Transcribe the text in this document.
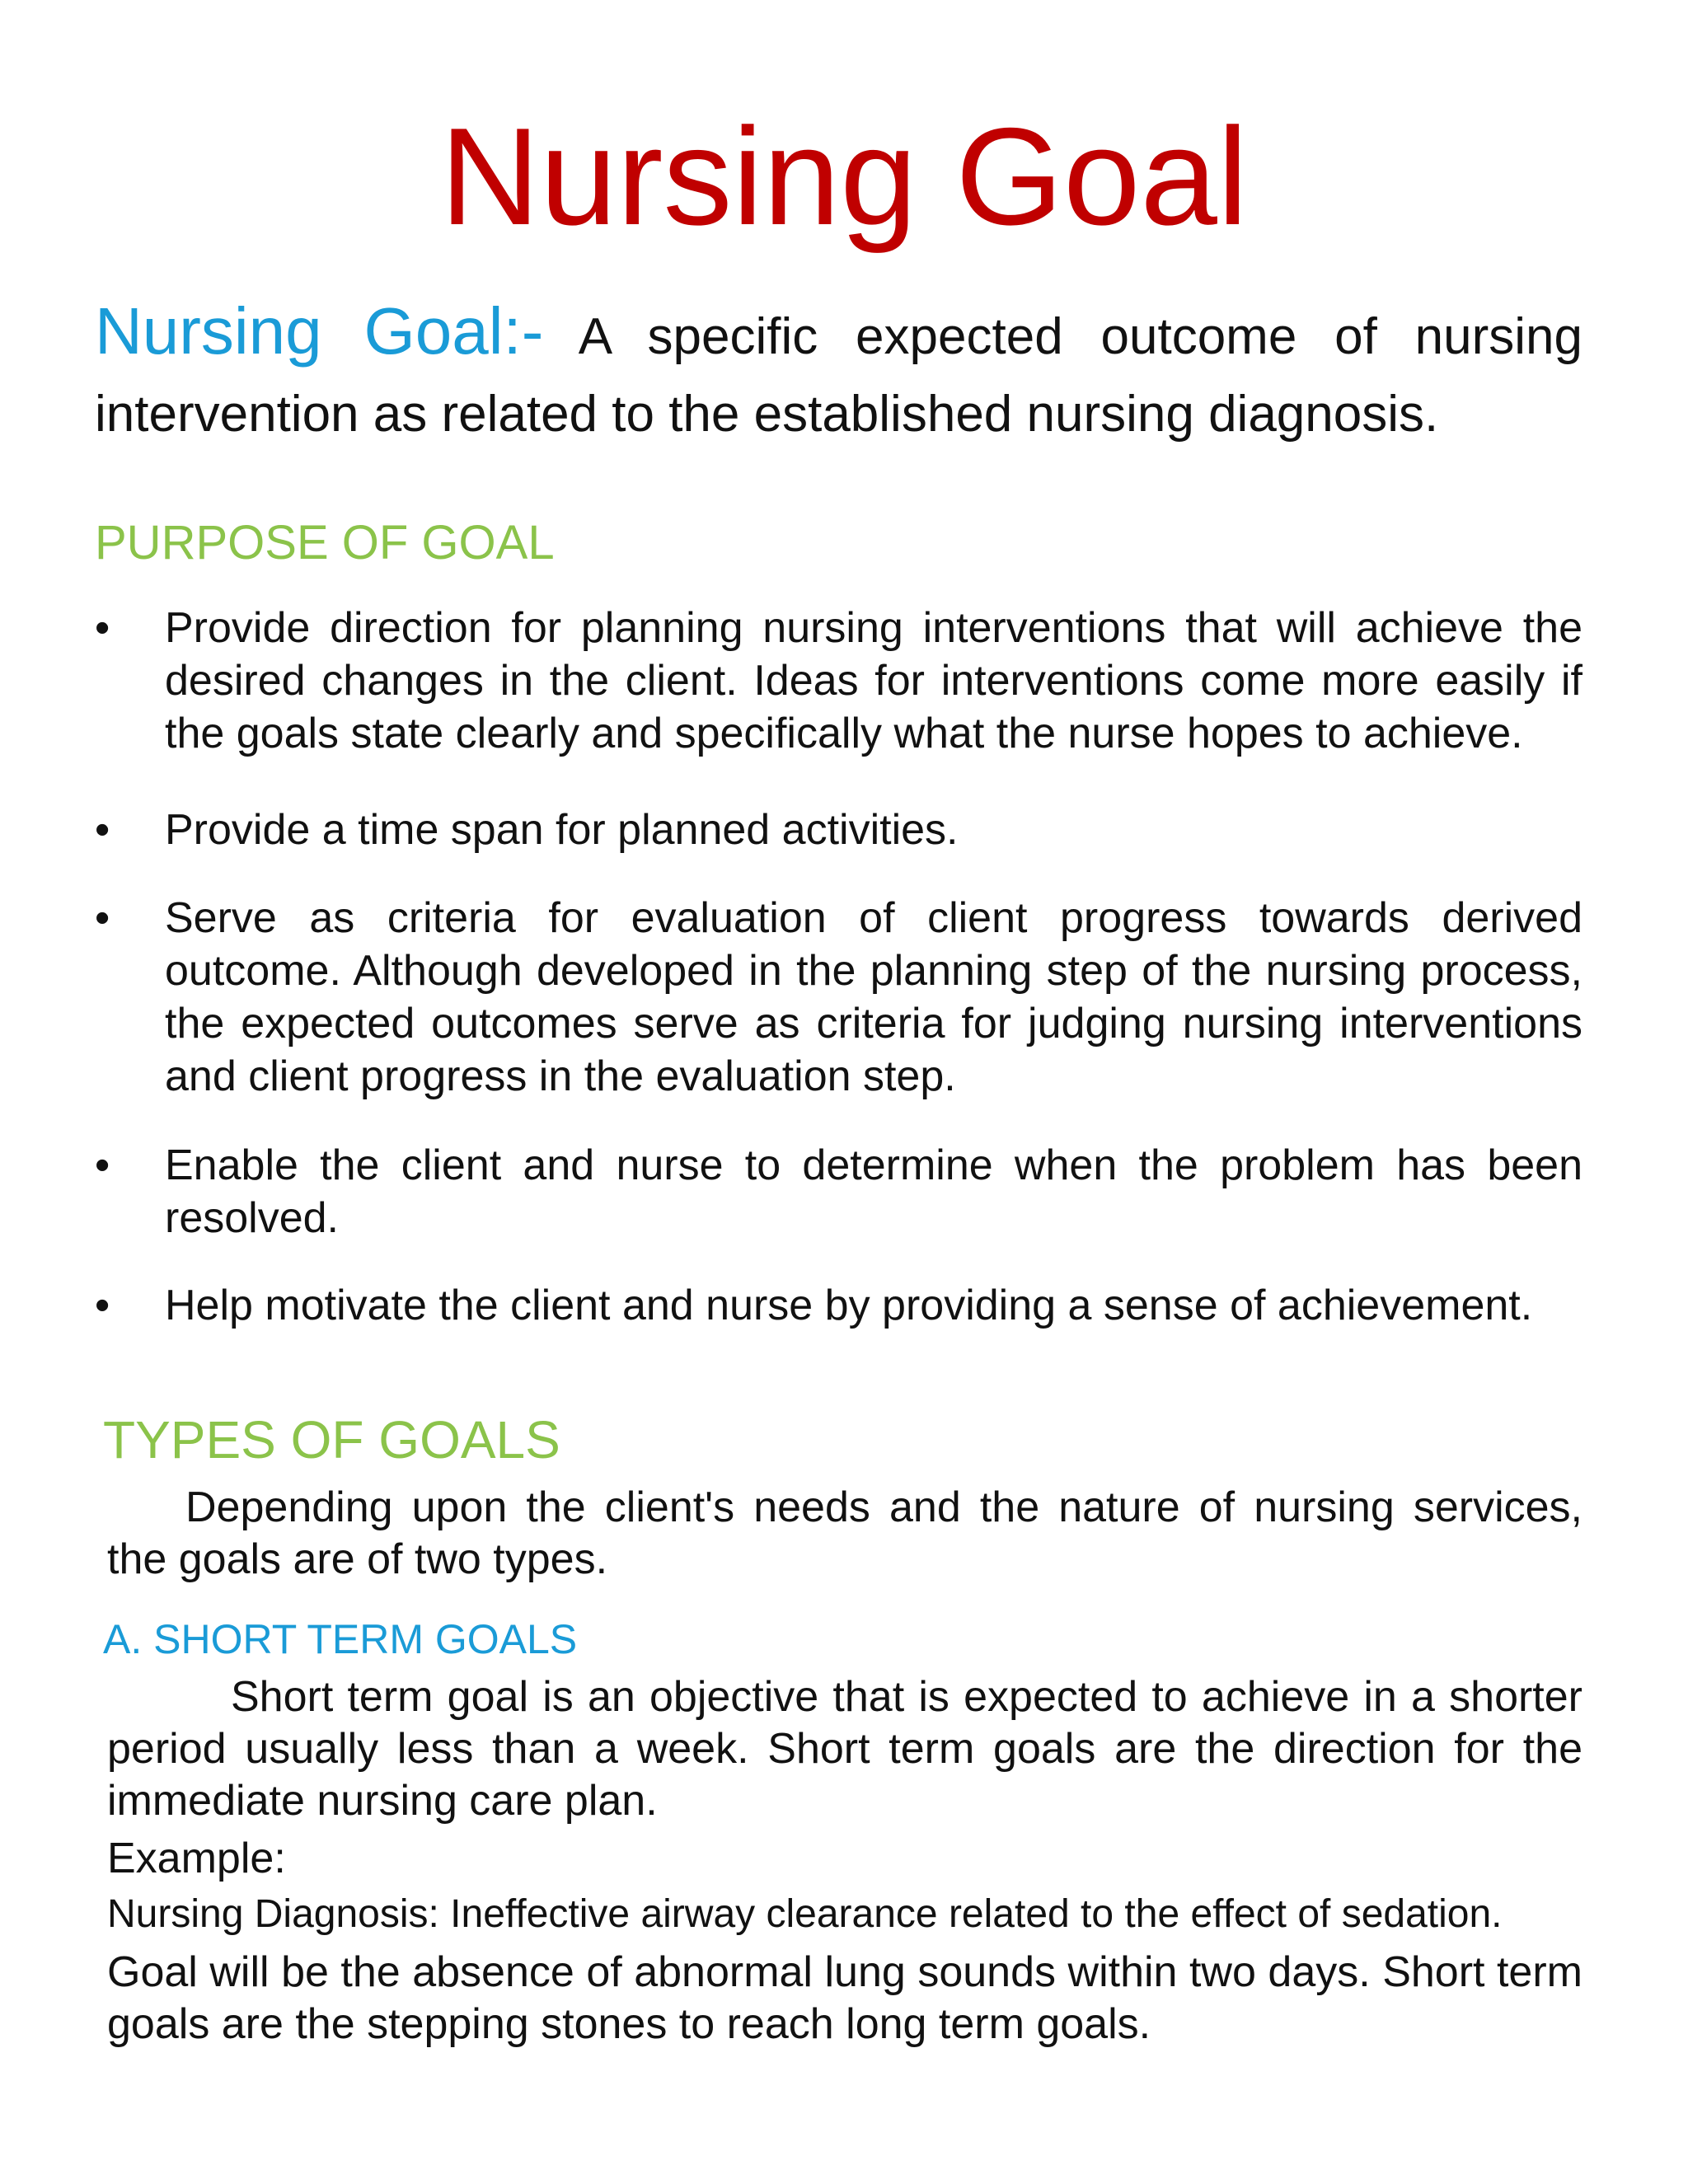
Nursing Goal
Nursing Goal:- A specific expected outcome of nursing intervention as related to the established nursing diagnosis.
PURPOSE OF GOAL
• Provide direction for planning nursing interventions that will achieve the desired changes in the client. Ideas for interventions come more easily if the goals state clearly and specifically what the nurse hopes to achieve.
• Provide a time span for planned activities.
• Serve as criteria for evaluation of client progress towards derived outcome. Although developed in the planning step of the nursing process, the expected outcomes serve as criteria for judging nursing interventions and client progress in the evaluation step.
• Enable the client and nurse to determine when the problem has been resolved.
• Help motivate the client and nurse by providing a sense of achievement.
TYPES OF GOALS
Depending upon the client's needs and the nature of nursing services, the goals are of two types.
A. SHORT TERM GOALS
Short term goal is an objective that is expected to achieve in a shorter period usually less than a week. Short term goals are the direction for the immediate nursing care plan.
Example:
Nursing Diagnosis: Ineffective airway clearance related to the effect of sedation.
Goal will be the absence of abnormal lung sounds within two days. Short term goals are the stepping stones to reach long term goals.
